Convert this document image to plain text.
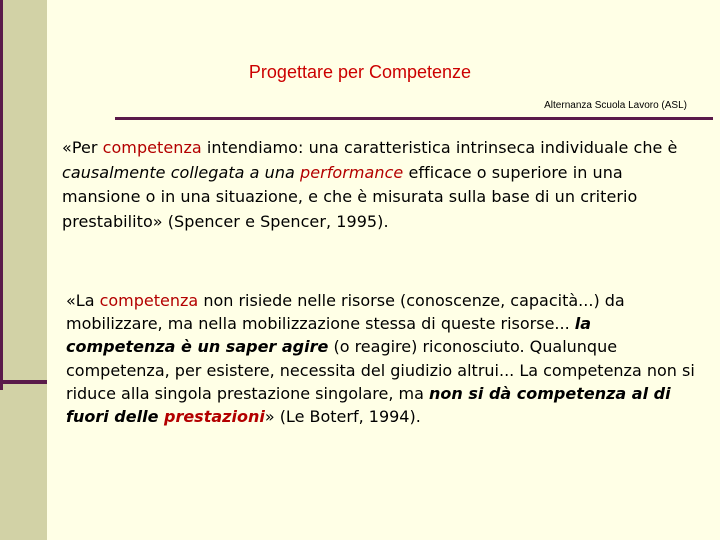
Progettare per Competenze
Alternanza Scuola Lavoro (ASL)

«Per competenza intendiamo: una caratteristica intrinseca individuale che è causalmente collegata a una performance efficace o superiore in una mansione o in una situazione, e che è misurata sulla base di un criterio prestabilito» (Spencer e Spencer, 1995).

«La competenza non risiede nelle risorse (conoscenze, capacità...) da mobilizzare, ma nella mobilizzazione stessa di queste risorse... la competenza è un saper agire (o reagire) riconosciuto. Qualunque competenza, per esistere, necessita del giudizio altrui... La competenza non si riduce alla singola prestazione singolare, ma non si dà competenza al di fuori delle prestazioni» (Le Boterf, 1994).
